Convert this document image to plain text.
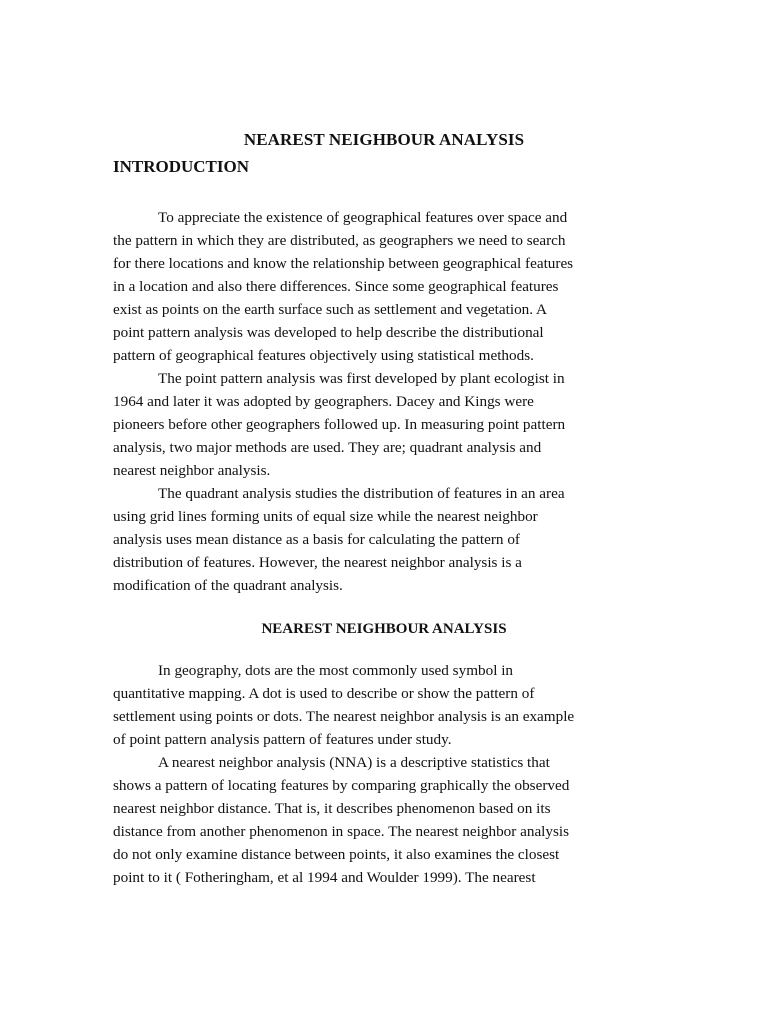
NEAREST NEIGHBOUR ANALYSIS
INTRODUCTION

To appreciate the existence of geographical features over space and
the pattern in which they are distributed, as geographers we need to search
for there locations and know the relationship between geographical features
in a location and also there differences. Since some geographical features
exist as points on the earth surface such as settlement and vegetation. A
point pattern analysis was developed to help describe the distributional
pattern of geographical features objectively using statistical methods.

The point pattern analysis was first developed by plant ecologist in
1964 and later it was adopted by geographers. Dacey and Kings were
pioneers before other geographers followed up. In measuring point pattern
analysis, two major methods are used. They are; quadrant analysis and
nearest neighbor analysis.

The quadrant analysis studies the distribution of features in an area
using grid lines forming units of equal size while the nearest neighbor
analysis uses mean distance as a basis for calculating the pattern of
distribution of features. However, the nearest neighbor analysis is a
modification of the quadrant analysis.

NEAREST NEIGHBOUR ANALYSIS

In geography, dots are the most commonly used symbol in
quantitative mapping. A dot is used to describe or show the pattern of
settlement using points or dots. The nearest neighbor analysis is an example
of point pattern analysis pattern of features under study.

A nearest neighbor analysis (NNA) is a descriptive statistics that
shows a pattern of locating features by comparing graphically the observed
nearest neighbor distance. That is, it describes phenomenon based on its
distance from another phenomenon in space. The nearest neighbor analysis
do not only examine distance between points, it also examines the closest
point to it ( Fotheringham, et al 1994 and Woulder 1999). The nearest
